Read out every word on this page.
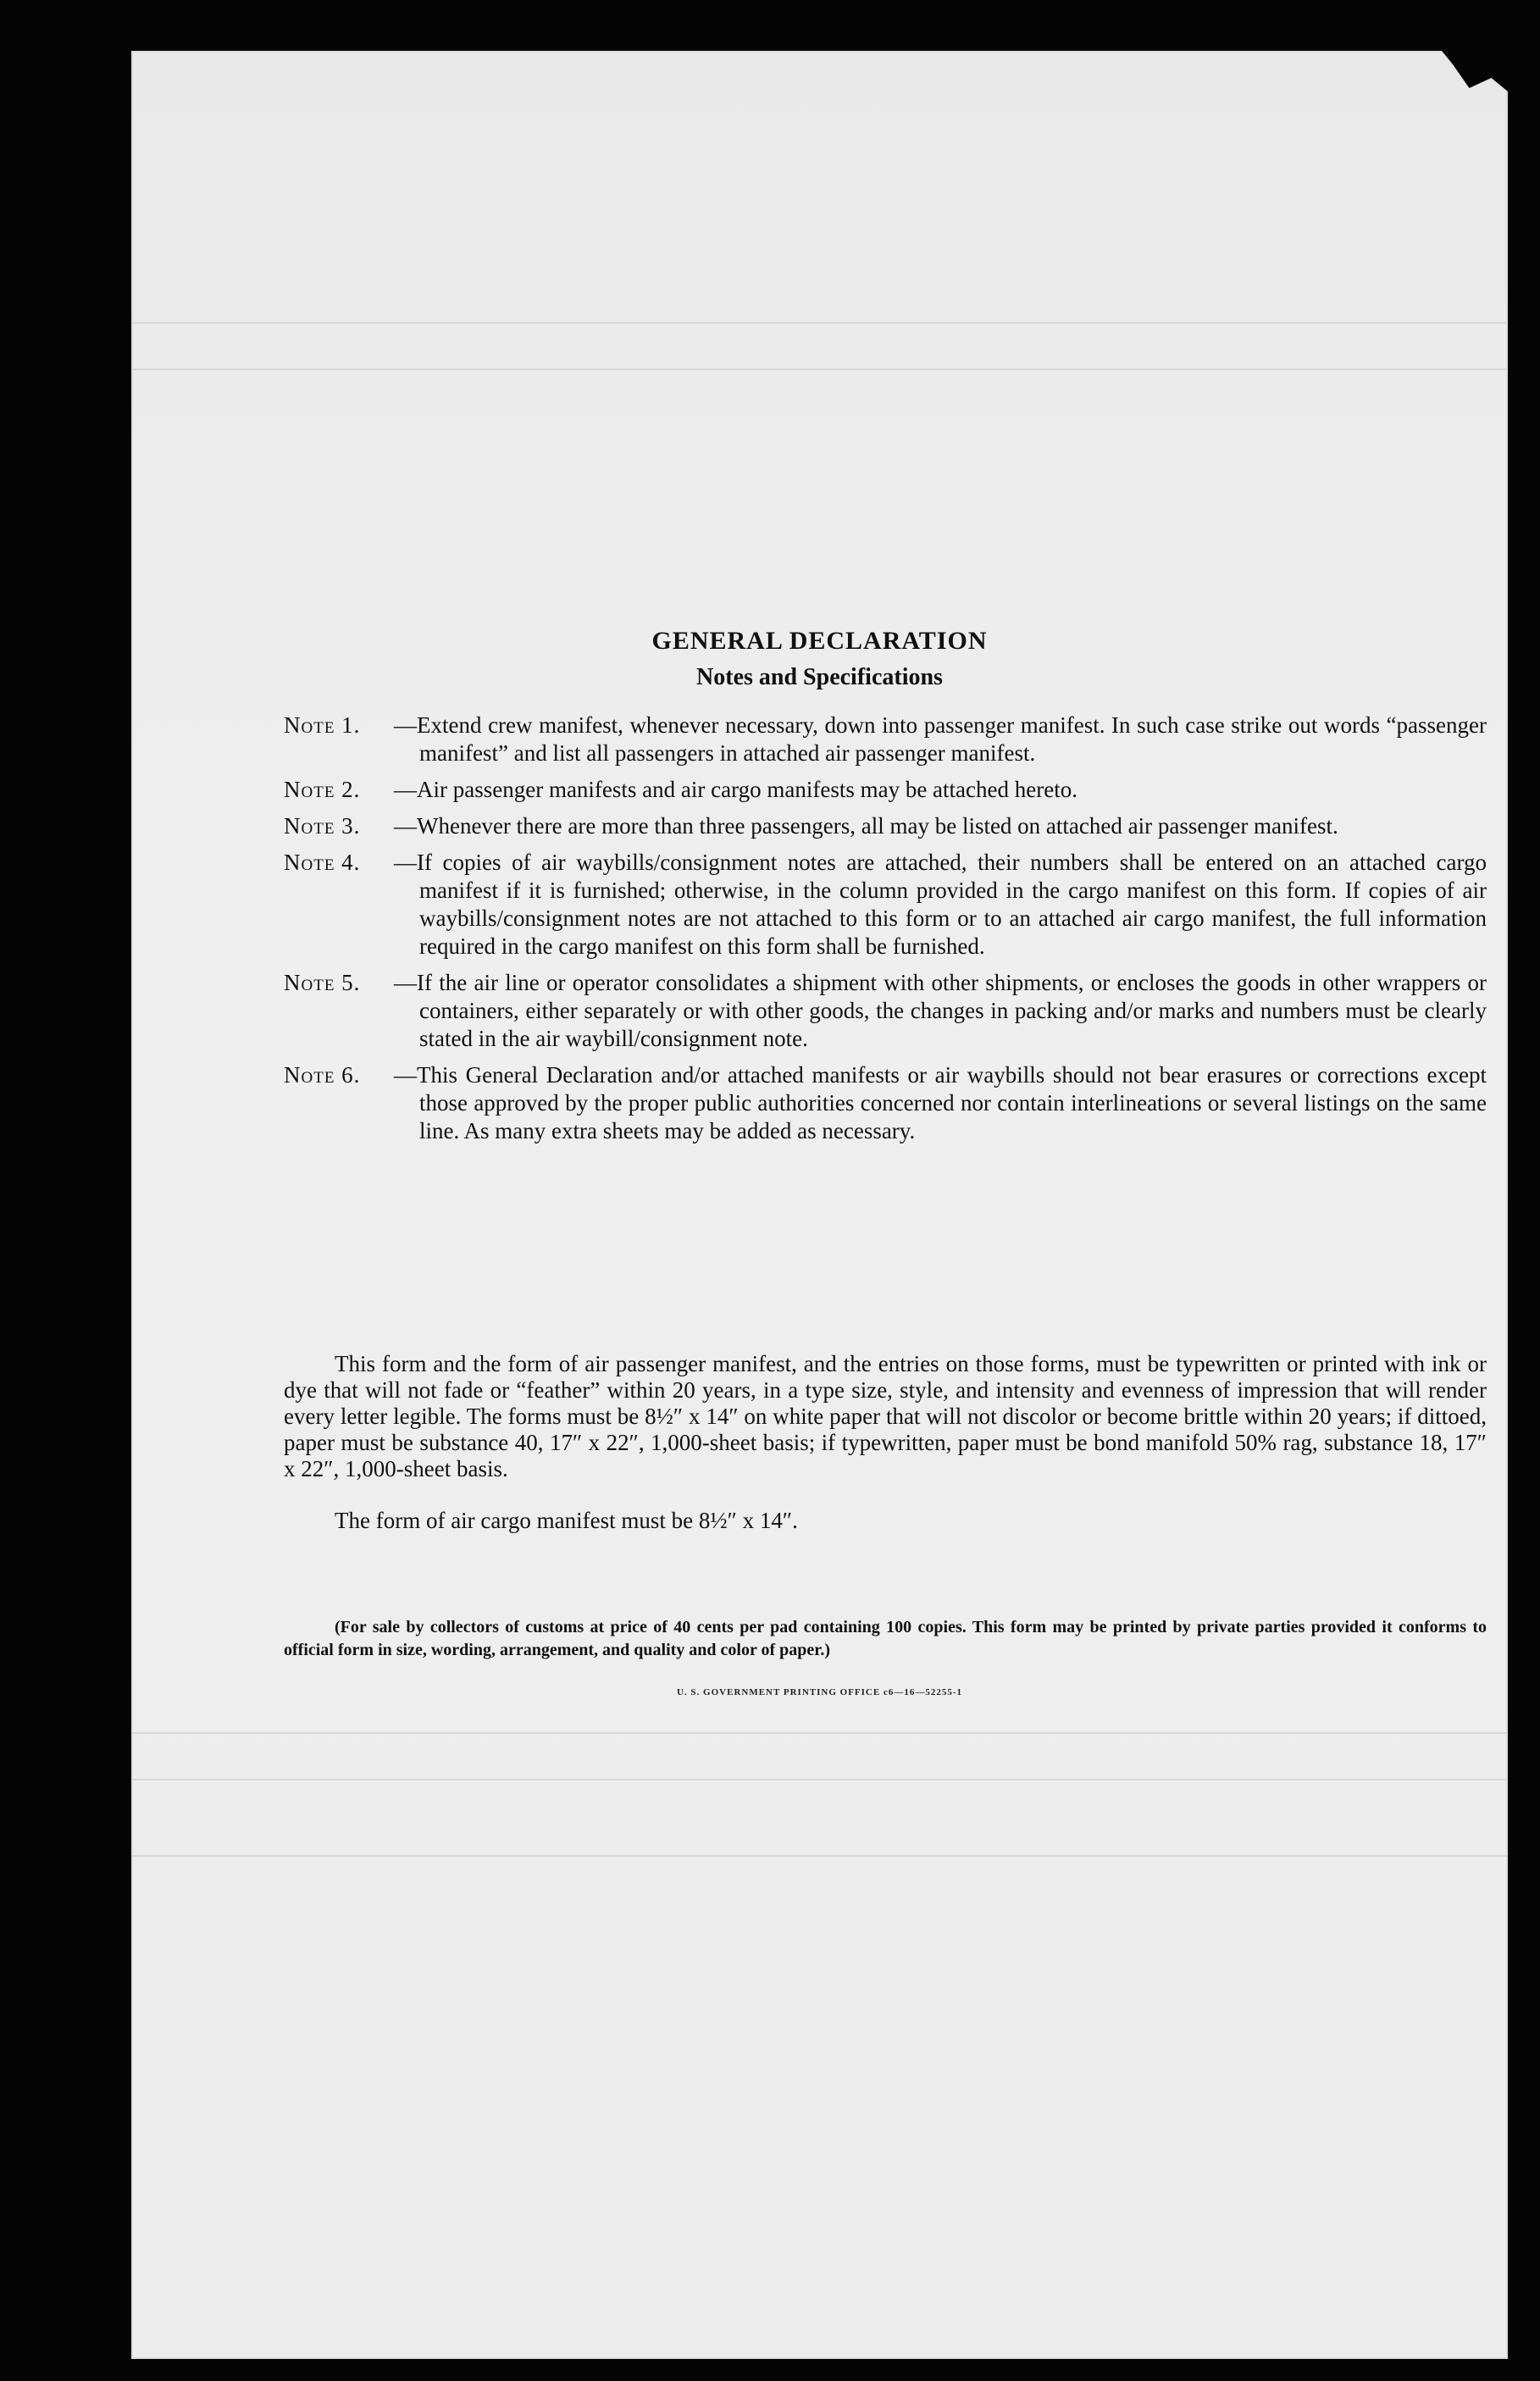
GENERAL DECLARATION
Notes and Specifications
Note 1.	—Extend crew manifest, whenever necessary, down into passenger manifest. In such case strike out words “passenger manifest” and list all passengers in attached air passenger manifest.
Note 2.	—Air passenger manifests and air cargo manifests may be attached hereto.
Note 3.	—Whenever there are more than three passengers, all may be listed on attached air passenger manifest.
Note 4.	—If copies of air waybills/consignment notes are attached, their numbers shall be entered on an attached cargo manifest if it is furnished; otherwise, in the column provided in the cargo manifest on this form. If copies of air waybills/consignment notes are not attached to this form or to an attached air cargo manifest, the full information required in the cargo manifest on this form shall be furnished.
Note 5.	—If the air line or operator consolidates a shipment with other shipments, or encloses the goods in other wrappers or containers, either separately or with other goods, the changes in packing and/or marks and numbers must be clearly stated in the air waybill/consignment note.
Note 6.	—This General Declaration and/or attached manifests or air waybills should not bear erasures or corrections except those approved by the proper public authorities concerned nor contain interlineations or several listings on the same line. As many extra sheets may be added as necessary.
This form and the form of air passenger manifest, and the entries on those forms, must be typewritten or printed with ink or dye that will not fade or “feather” within 20 years, in a type size, style, and intensity and evenness of impression that will render every letter legible. The forms must be 8½″ x 14″ on white paper that will not discolor or become brittle within 20 years; if dittoed, paper must be substance 40, 17″ x 22″, 1,000-sheet basis; if typewritten, paper must be bond manifold 50% rag, substance 18, 17″ x 22″, 1,000-sheet basis.
The form of air cargo manifest must be 8½″ x 14″.
(For sale by collectors of customs at price of 40 cents per pad containing 100 copies. This form may be printed by private parties provided it conforms to official form in size, wording, arrangement, and quality and color of paper.)
U. S. GOVERNMENT PRINTING OFFICE c6—16—52255-1
